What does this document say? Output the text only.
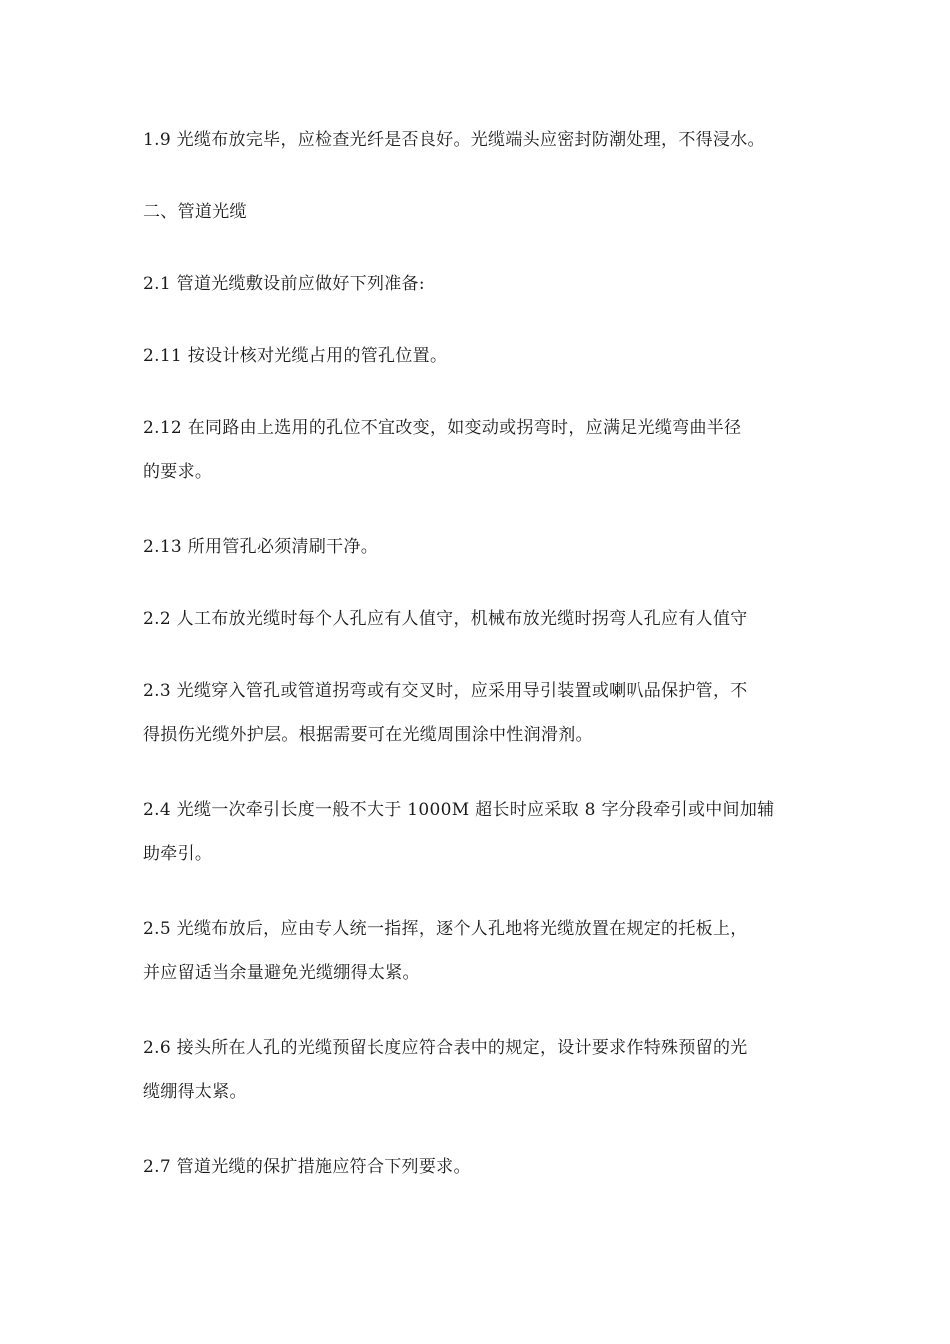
1.9 光缆布放完毕，应检查光纤是否良好。光缆端头应密封防潮处理，不得浸水。

二、管道光缆

2.1 管道光缆敷设前应做好下列准备:

2.11 按设计核对光缆占用的管孔位置。

2.12 在同路由上选用的孔位不宜改变，如变动或拐弯时，应满足光缆弯曲半径
的要求。

2.13 所用管孔必须清刷干净。

2.2 人工布放光缆时每个人孔应有人值守，机械布放光缆时拐弯人孔应有人值守

2.3 光缆穿入管孔或管道拐弯或有交叉时，应采用导引装置或喇叭品保护管，不
得损伤光缆外护层。根据需要可在光缆周围涂中性润滑剂。

2.4 光缆一次牵引长度一般不大于 1000M 超长时应采取 8 字分段牵引或中间加辅
助牵引。

2.5 光缆布放后，应由专人统一指挥，逐个人孔地将光缆放置在规定的托板上，
并应留适当余量避免光缆绷得太紧。

2.6 接头所在人孔的光缆预留长度应符合表中的规定，设计要求作特殊预留的光
缆绷得太紧。

2.7 管道光缆的保扩措施应符合下列要求。
